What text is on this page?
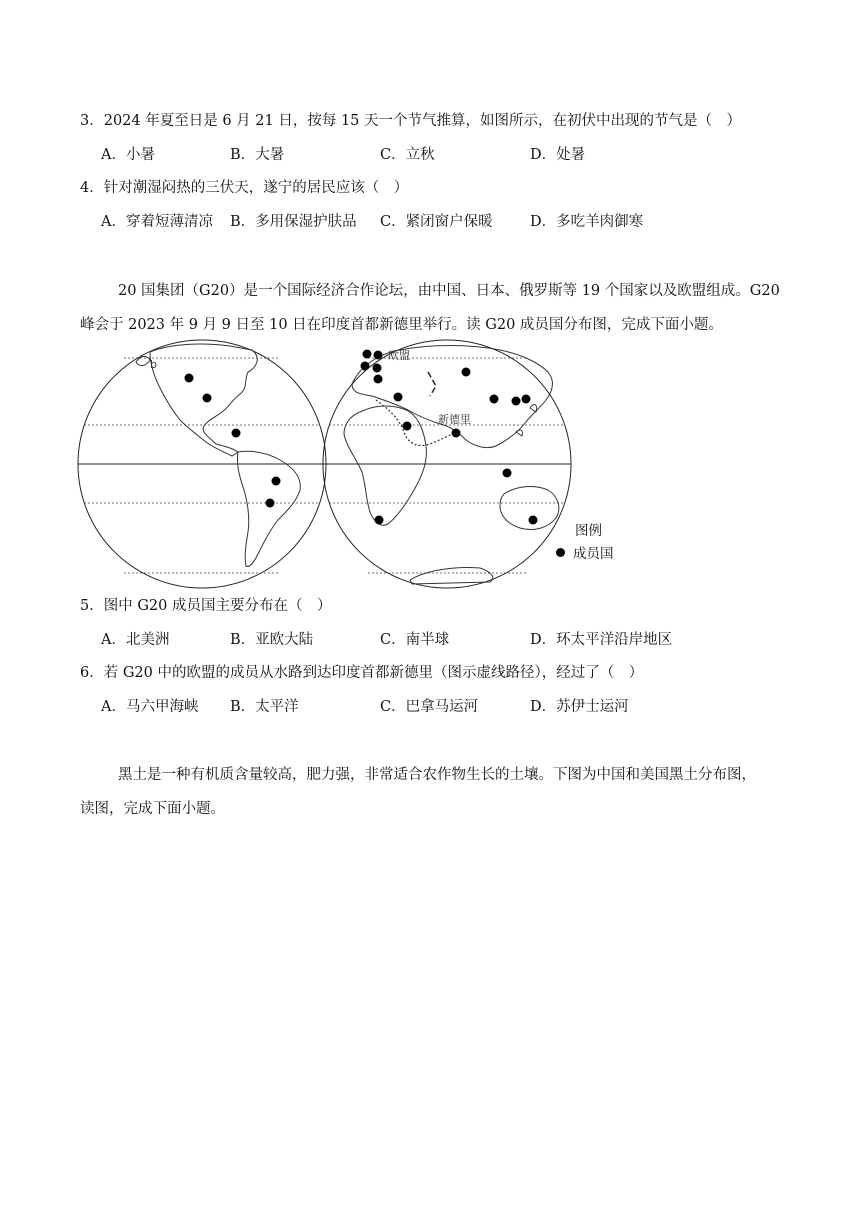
3．2024 年夏至日是 6 月 21 日，按每 15 天一个节气推算，如图所示，在初伏中出现的节气是（　）
A．小暑	B．大暑	C．立秋	D．处暑
4．针对潮湿闷热的三伏天，遂宁的居民应该（　）
A．穿着短薄清凉 B．多用保湿护肤品 C．紧闭窗户保暖	D．多吃羊肉御寒
20 国集团（G20）是一个国际经济合作论坛，由中国、日本、俄罗斯等 19 个国家以及欧盟组成。G20
峰会于 2023 年 9 月 9 日至 10 日在印度首都新德里举行。读 G20 成员国分布图，完成下面小题。
欧盟
新德里
b
图例
成员国
5．图中 G20 成员国主要分布在（　）
A．北美洲	B．亚欧大陆	C．南半球	D．环太平洋沿岸地区
6．若 G20 中的欧盟的成员从水路到达印度首都新德里（图示虚线路径），经过了（　）
A．马六甲海峡 B．太平洋	C．巴拿马运河	D．苏伊士运河
黑土是一种有机质含量较高，肥力强，非常适合农作物生长的土壤。下图为中国和美国黑土分布图，
读图，完成下面小题。
